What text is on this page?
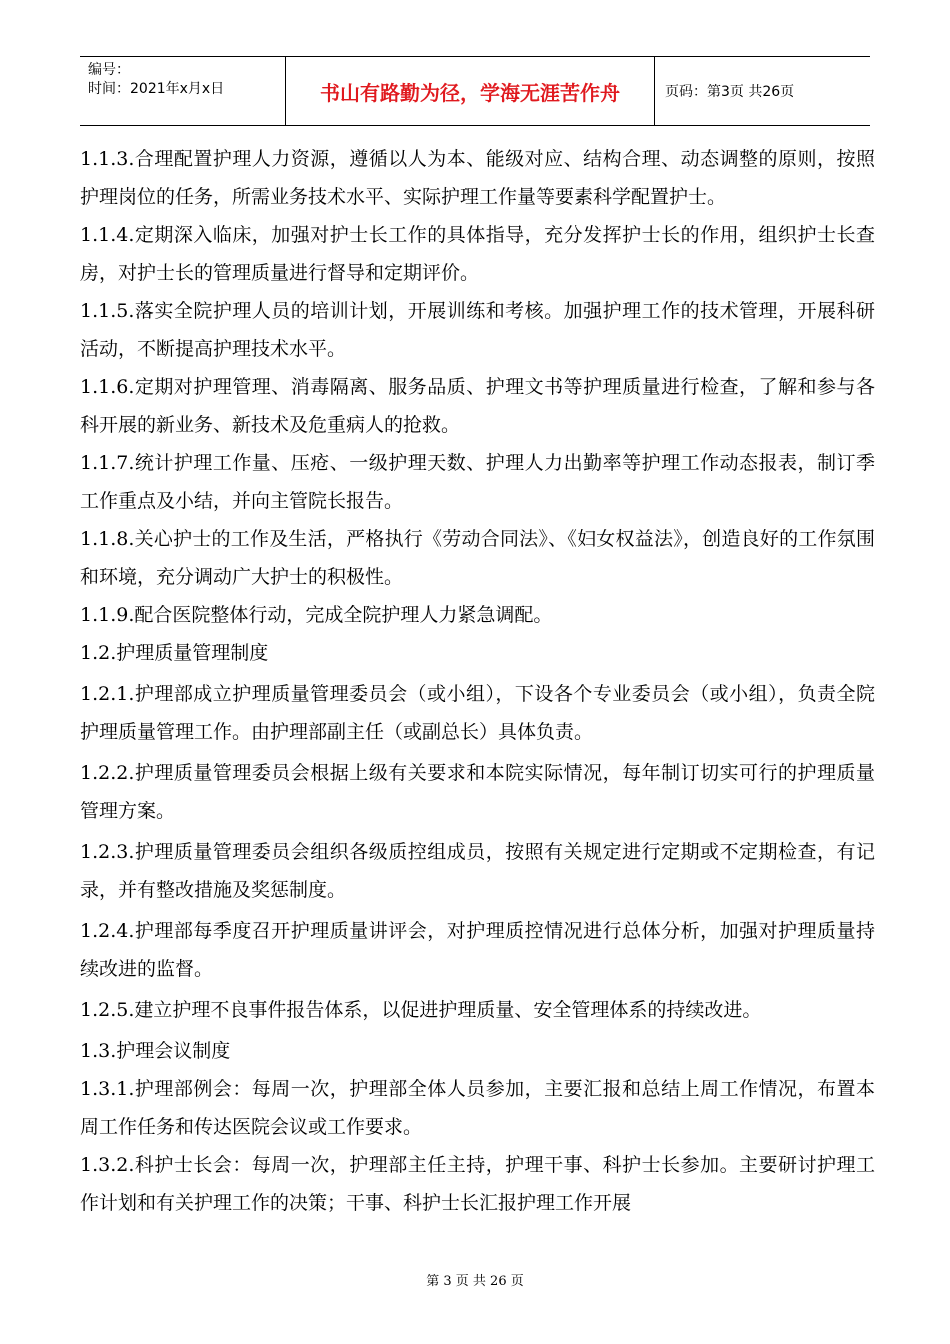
编号：
时间：2021年x月x日	书山有路勤为径，学海无涯苦作舟	页码：第3页 共26页

1.1.3.合理配置护理人力资源，遵循以人为本、能级对应、结构合理、动态调整的原则，按照护理岗位的任务，所需业务技术水平、实际护理工作量等要素科学配置护士。

1.1.4.定期深入临床，加强对护士长工作的具体指导，充分发挥护士长的作用，组织护士长查房，对护士长的管理质量进行督导和定期评价。

1.1.5.落实全院护理人员的培训计划，开展训练和考核。加强护理工作的技术管理，开展科研活动，不断提高护理技术水平。

1.1.6.定期对护理管理、消毒隔离、服务品质、护理文书等护理质量进行检查，了解和参与各科开展的新业务、新技术及危重病人的抢救。

1.1.7.统计护理工作量、压疮、一级护理天数、护理人力出勤率等护理工作动态报表，制订季工作重点及小结，并向主管院长报告。

1.1.8.关心护士的工作及生活，严格执行《劳动合同法》、《妇女权益法》，创造良好的工作氛围和环境，充分调动广大护士的积极性。

1.1.9.配合医院整体行动，完成全院护理人力紧急调配。

1.2.护理质量管理制度

1.2.1.护理部成立护理质量管理委员会（或小组），下设各个专业委员会（或小组），负责全院护理质量管理工作。由护理部副主任（或副总长）具体负责。

1.2.2.护理质量管理委员会根据上级有关要求和本院实际情况，每年制订切实可行的护理质量管理方案。

1.2.3.护理质量管理委员会组织各级质控组成员，按照有关规定进行定期或不定期检查，有记录，并有整改措施及奖惩制度。

1.2.4.护理部每季度召开护理质量讲评会，对护理质控情况进行总体分析，加强对护理质量持续改进的监督。

1.2.5.建立护理不良事件报告体系，以促进护理质量、安全管理体系的持续改进。

1.3.护理会议制度

1.3.1.护理部例会：每周一次，护理部全体人员参加，主要汇报和总结上周工作情况，布置本周工作任务和传达医院会议或工作要求。

1.3.2.科护士长会：每周一次，护理部主任主持，护理干事、科护士长参加。主要研讨护理工作计划和有关护理工作的决策；干事、科护士长汇报护理工作开展

第 3 页 共 26 页
